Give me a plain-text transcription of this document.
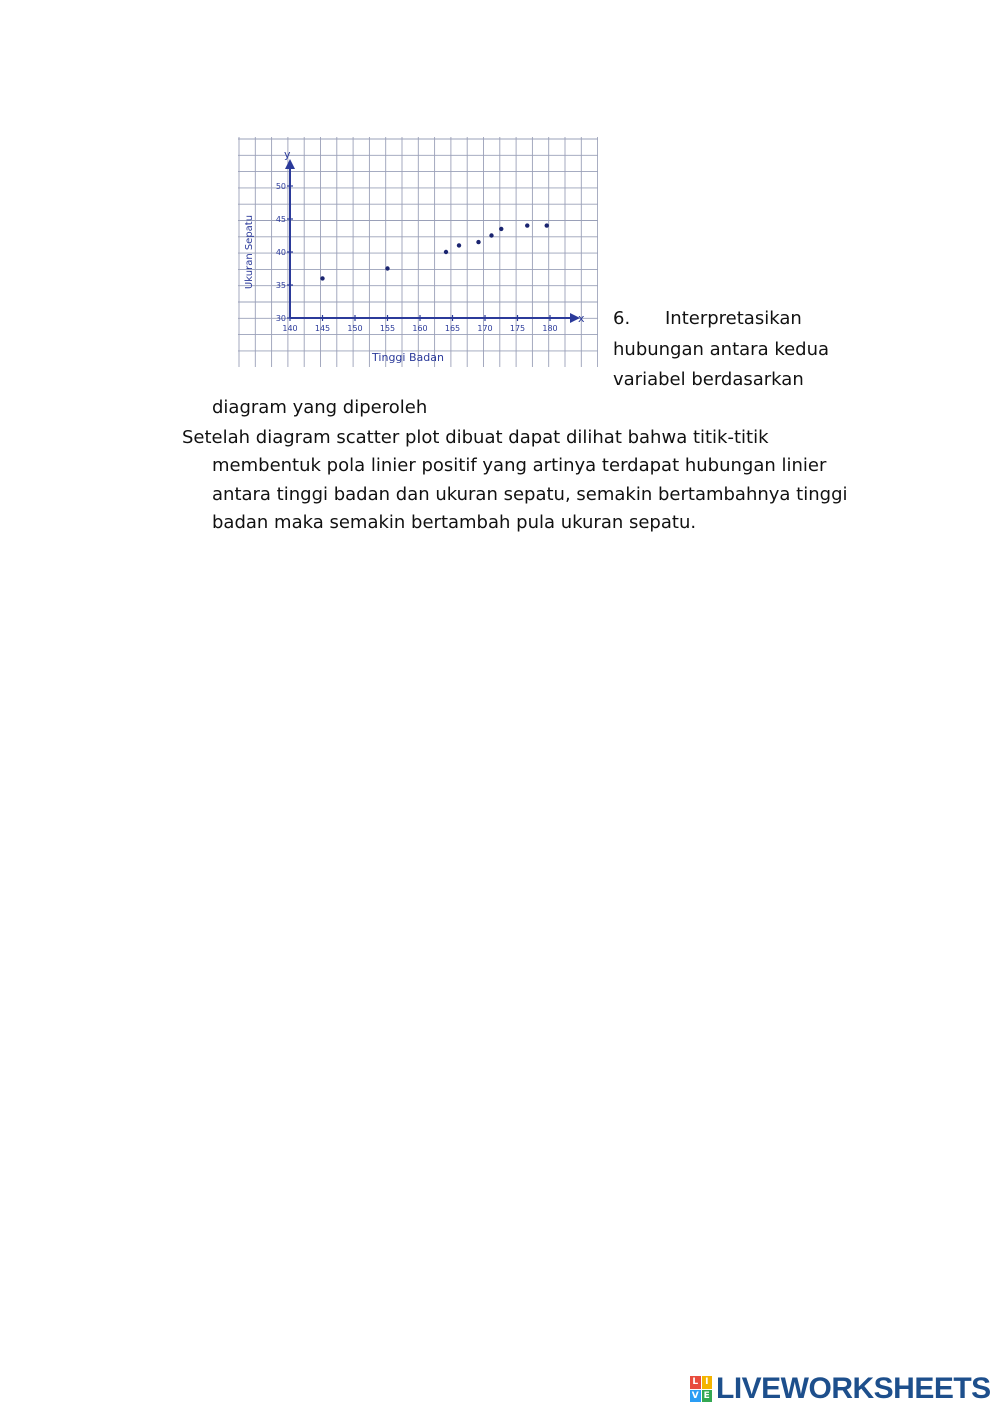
140 145 150 155 160 165 170 175 180
30
35
40
45
50
Tinggi Badan
Ukuran Sepatu
x
y
6. Interpretasikan
hubungan antara kedua
variabel berdasarkan
diagram yang diperoleh
Setelah diagram scatter plot dibuat dapat dilihat bahwa titik-titik membentuk pola linier positif yang artinya terdapat hubungan linier antara tinggi badan dan ukuran sepatu, semakin bertambahnya tinggi badan maka semakin bertambah pula ukuran sepatu.
L I
V E LIVEWORKSHEETS
